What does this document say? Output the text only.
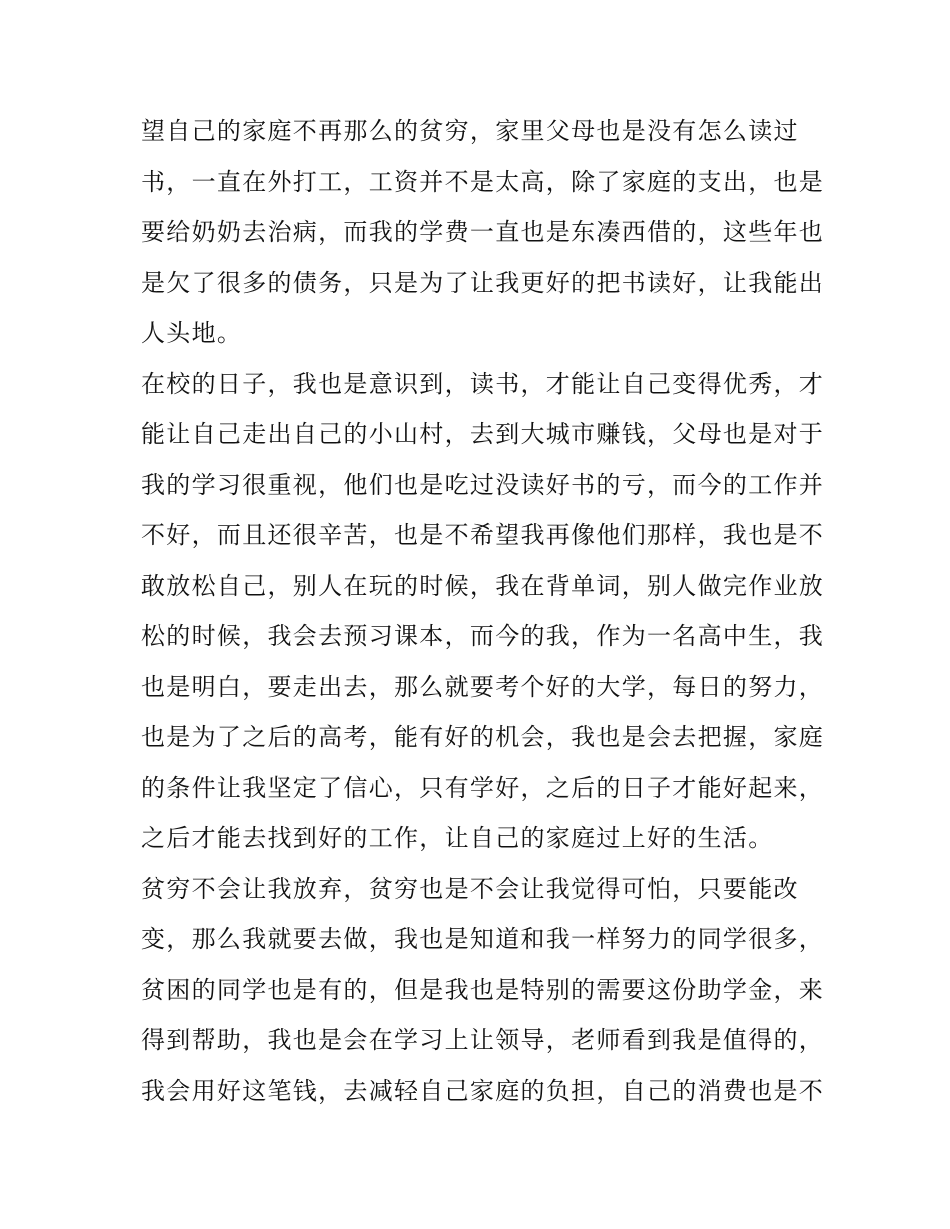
望自己的家庭不再那么的贫穷，家里父母也是没有怎么读过
书，一直在外打工，工资并不是太高，除了家庭的支出，也是
要给奶奶去治病，而我的学费一直也是东凑西借的，这些年也
是欠了很多的债务，只是为了让我更好的把书读好，让我能出
人头地。
在校的日子，我也是意识到，读书，才能让自己变得优秀，才
能让自己走出自己的小山村，去到大城市赚钱，父母也是对于
我的学习很重视，他们也是吃过没读好书的亏，而今的工作并
不好，而且还很辛苦，也是不希望我再像他们那样，我也是不
敢放松自己，别人在玩的时候，我在背单词，别人做完作业放
松的时候，我会去预习课本，而今的我，作为一名高中生，我
也是明白，要走出去，那么就要考个好的大学，每日的努力，
也是为了之后的高考，能有好的机会，我也是会去把握，家庭
的条件让我坚定了信心，只有学好，之后的日子才能好起来，
之后才能去找到好的工作，让自己的家庭过上好的生活。
贫穷不会让我放弃，贫穷也是不会让我觉得可怕，只要能改
变，那么我就要去做，我也是知道和我一样努力的同学很多，
贫困的同学也是有的，但是我也是特别的需要这份助学金，来
得到帮助，我也是会在学习上让领导，老师看到我是值得的，
我会用好这笔钱，去减轻自己家庭的负担，自己的消费也是不
